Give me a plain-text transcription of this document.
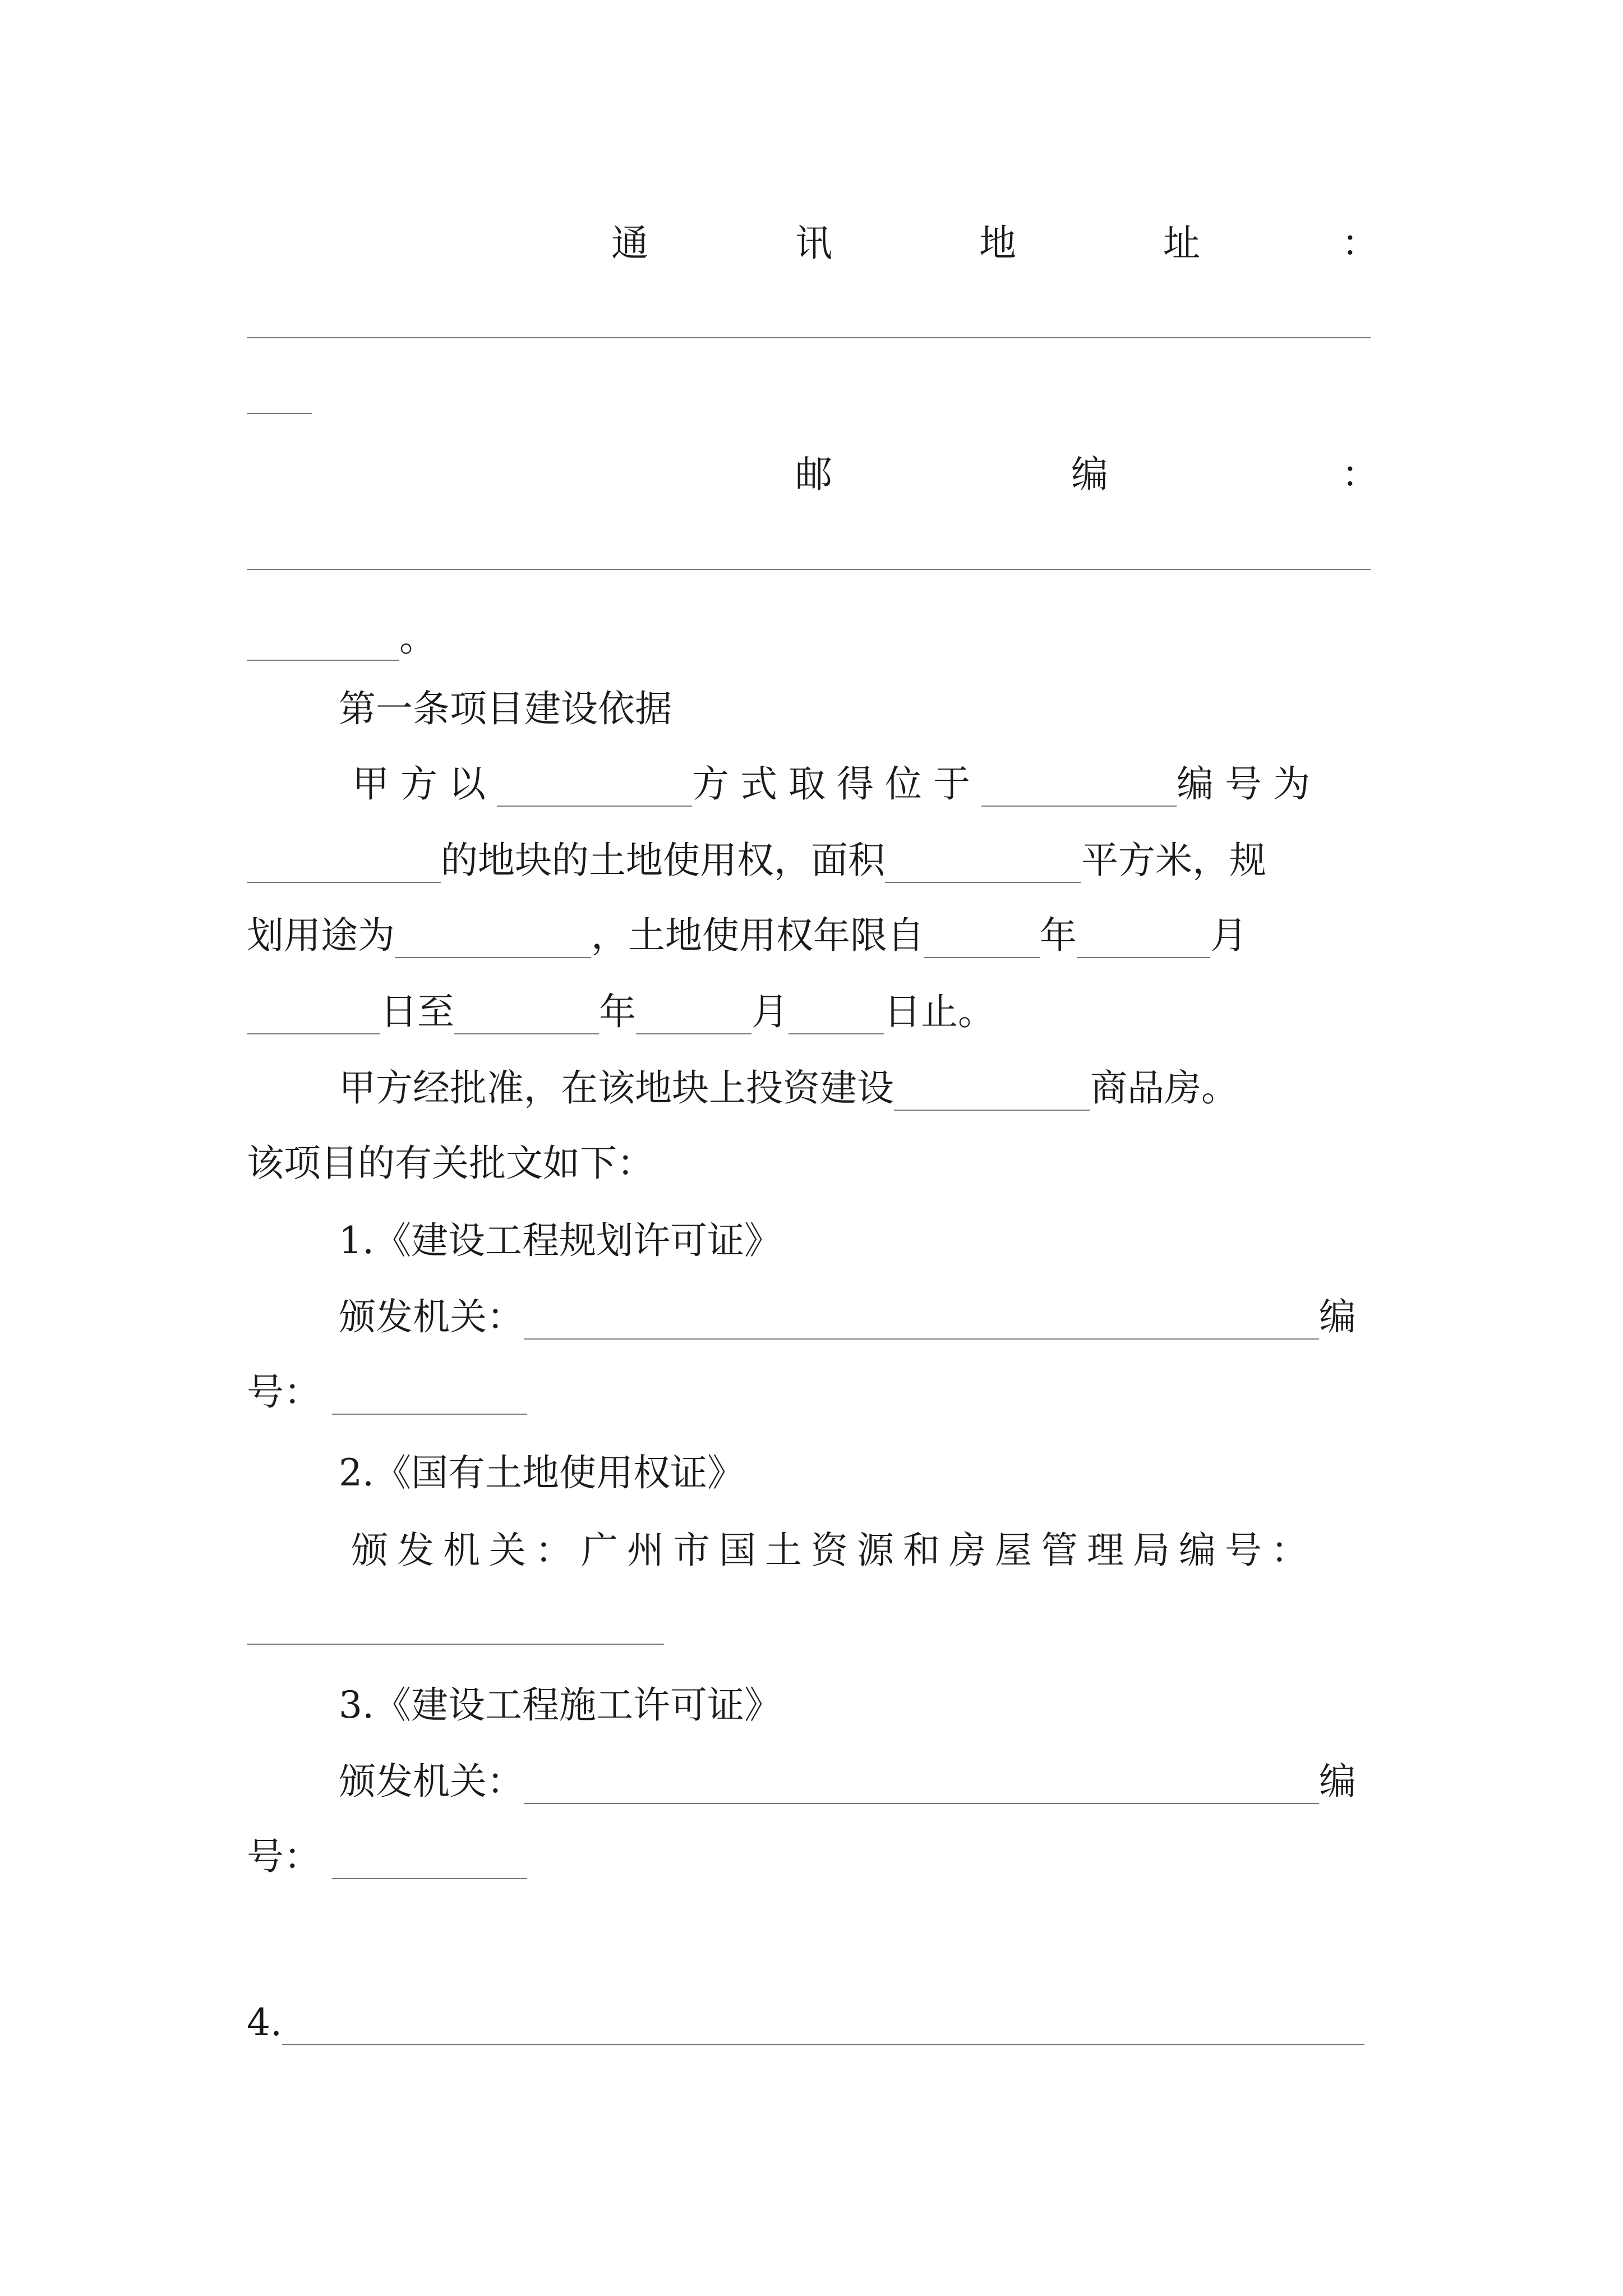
通	讯	地	址	：
邮	编	：
。
第一条项目建设依据
甲方以	方式取得位于	编号为
的地块的土地使用权，面积	平方米，规
划用途为	，土地使用权年限自	年	月
日至	年	月	日止。
甲方经批准，在该地块上投资建设	商品房。
该项目的有关批文如下：
1.《建设工程规划许可证》
颁发机关：	编
号：
2.《国有土地使用权证》
颁发机关：广州市国土资源和房屋管理局编号：
3.《建设工程施工许可证》
颁发机关：	编
号：
4.
